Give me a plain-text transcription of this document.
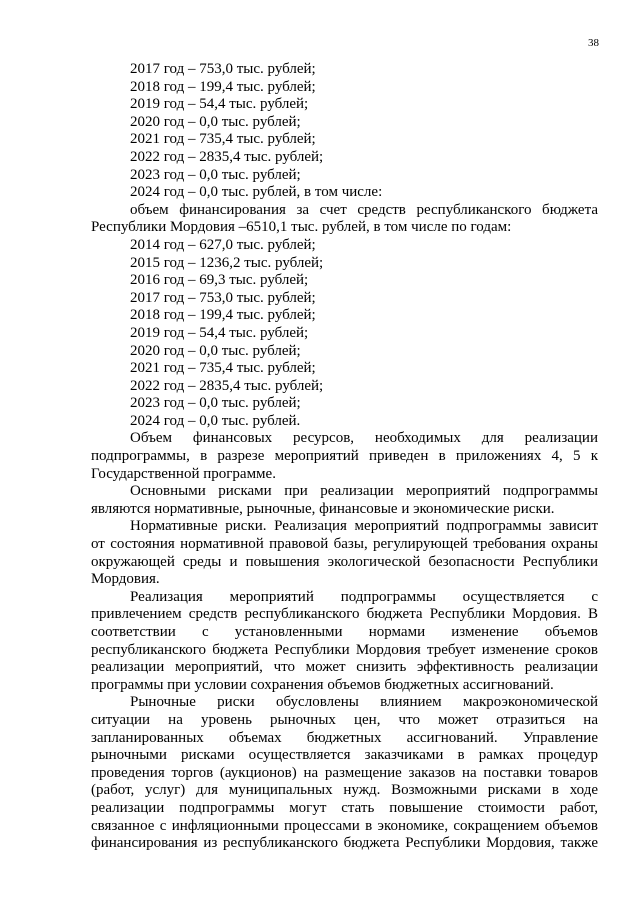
38
2017 год – 753,0 тыс. рублей;
2018 год – 199,4 тыс. рублей;
2019 год – 54,4 тыс. рублей;
2020 год – 0,0 тыс. рублей;
2021 год – 735,4 тыс. рублей;
2022 год – 2835,4 тыс. рублей;
2023 год – 0,0 тыс. рублей;
2024 год – 0,0 тыс. рублей, в том числе:
объем финансирования за счет средств республиканского бюджета
Республики Мордовия –6510,1 тыс. рублей, в том числе по годам:
2014 год – 627,0 тыс. рублей;
2015 год – 1236,2 тыс. рублей;
2016 год – 69,3 тыс. рублей;
2017 год – 753,0 тыс. рублей;
2018 год – 199,4 тыс. рублей;
2019 год – 54,4 тыс. рублей;
2020 год – 0,0 тыс. рублей;
2021 год – 735,4 тыс. рублей;
2022 год – 2835,4 тыс. рублей;
2023 год – 0,0 тыс. рублей;
2024 год – 0,0 тыс. рублей.
Объем финансовых ресурсов, необходимых для реализации
подпрограммы, в разрезе мероприятий приведен в приложениях 4, 5 к
Государственной программе.
Основными рисками при реализации мероприятий подпрограммы
являются нормативные, рыночные, финансовые и экономические риски.
Нормативные риски. Реализация мероприятий подпрограммы зависит
от состояния нормативной правовой базы, регулирующей требования охраны
окружающей среды и повышения экологической безопасности Республики
Мордовия.
Реализация мероприятий подпрограммы осуществляется с
привлечением средств республиканского бюджета Республики Мордовия. В
соответствии с установленными нормами изменение объемов
республиканского бюджета Республики Мордовия требует изменение сроков
реализации мероприятий, что может снизить эффективность реализации
программы при условии сохранения объемов бюджетных ассигнований.
Рыночные риски обусловлены влиянием макроэкономической
ситуации на уровень рыночных цен, что может отразиться на
запланированных объемах бюджетных ассигнований. Управление
рыночными рисками осуществляется заказчиками в рамках процедур
проведения торгов (аукционов) на размещение заказов на поставки товаров
(работ, услуг) для муниципальных нужд. Возможными рисками в ходе
реализации подпрограммы могут стать повышение стоимости работ,
связанное с инфляционными процессами в экономике, сокращением объемов
финансирования из республиканского бюджета Республики Мордовия, также
